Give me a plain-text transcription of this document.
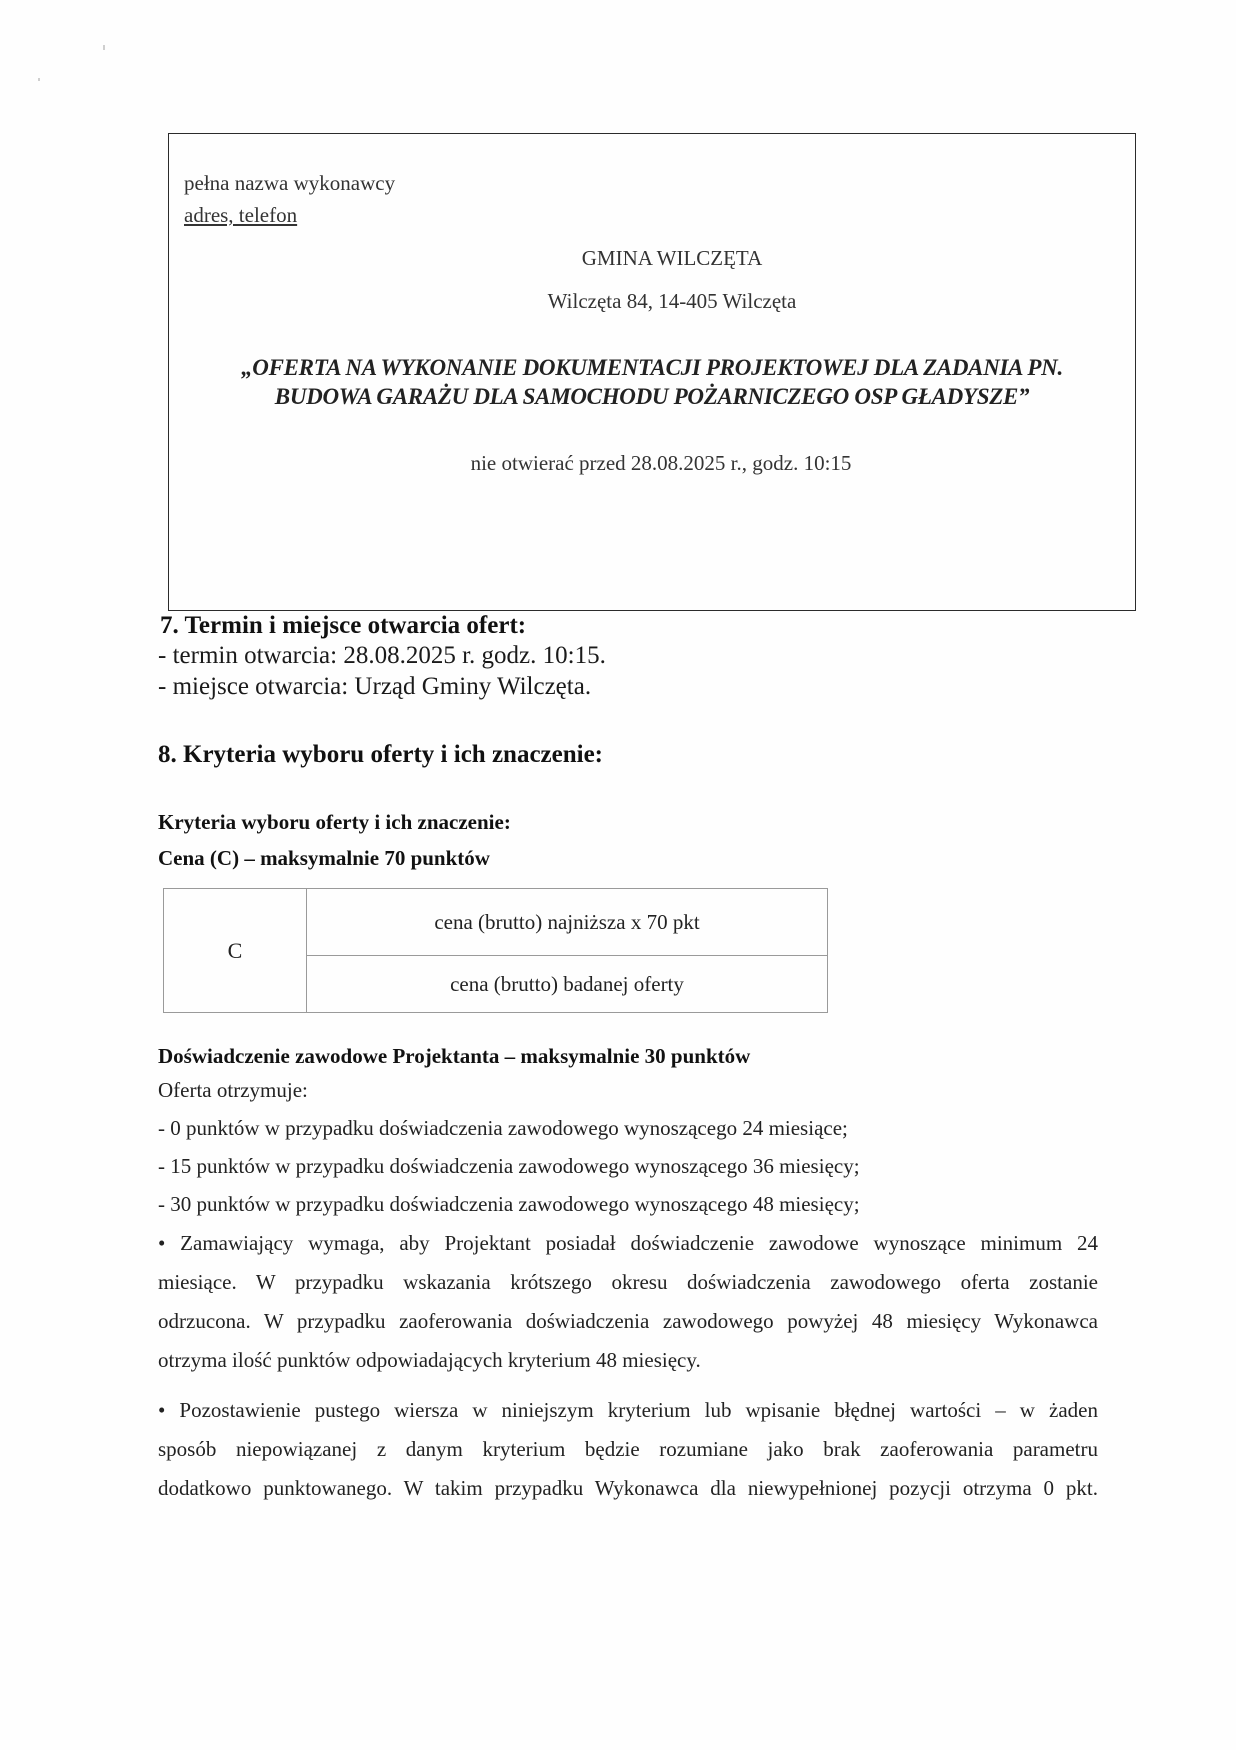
pełna nazwa wykonawcy
adres, telefon
GMINA WILCZĘTA
Wilczęta 84, 14-405 Wilczęta
„OFERTA NA WYKONANIE DOKUMENTACJI PROJEKTOWEJ DLA ZADANIA PN.
BUDOWA GARAŻU DLA SAMOCHODU POŻARNICZEGO OSP GŁADYSZE”
nie otwierać przed 28.08.2025 r., godz. 10:15
7. Termin i miejsce otwarcia ofert:
- termin otwarcia: 28.08.2025 r. godz. 10:15.
- miejsce otwarcia: Urząd Gminy Wilczęta.
8. Kryteria wyboru oferty i ich znaczenie:
Kryteria wyboru oferty i ich znaczenie:
Cena (C) – maksymalnie 70 punktów
C	cena (brutto) najniższa x 70 pkt
cena (brutto) badanej oferty
Doświadczenie zawodowe Projektanta – maksymalnie 30 punktów
Oferta otrzymuje:
- 0 punktów w przypadku doświadczenia zawodowego wynoszącego 24 miesiące;
- 15 punktów w przypadku doświadczenia zawodowego wynoszącego 36 miesięcy;
- 30 punktów w przypadku doświadczenia zawodowego wynoszącego 48 miesięcy;
• Zamawiający wymaga, aby Projektant posiadał doświadczenie zawodowe wynoszące minimum 24
miesiące. W przypadku wskazania krótszego okresu doświadczenia zawodowego oferta zostanie
odrzucona. W przypadku zaoferowania doświadczenia zawodowego powyżej 48 miesięcy Wykonawca
otrzyma ilość punktów odpowiadających kryterium 48 miesięcy.
• Pozostawienie pustego wiersza w niniejszym kryterium lub wpisanie błędnej wartości – w żaden
sposób niepowiązanej z danym kryterium będzie rozumiane jako brak zaoferowania parametru
dodatkowo punktowanego. W takim przypadku Wykonawca dla niewypełnionej pozycji otrzyma 0 pkt.
